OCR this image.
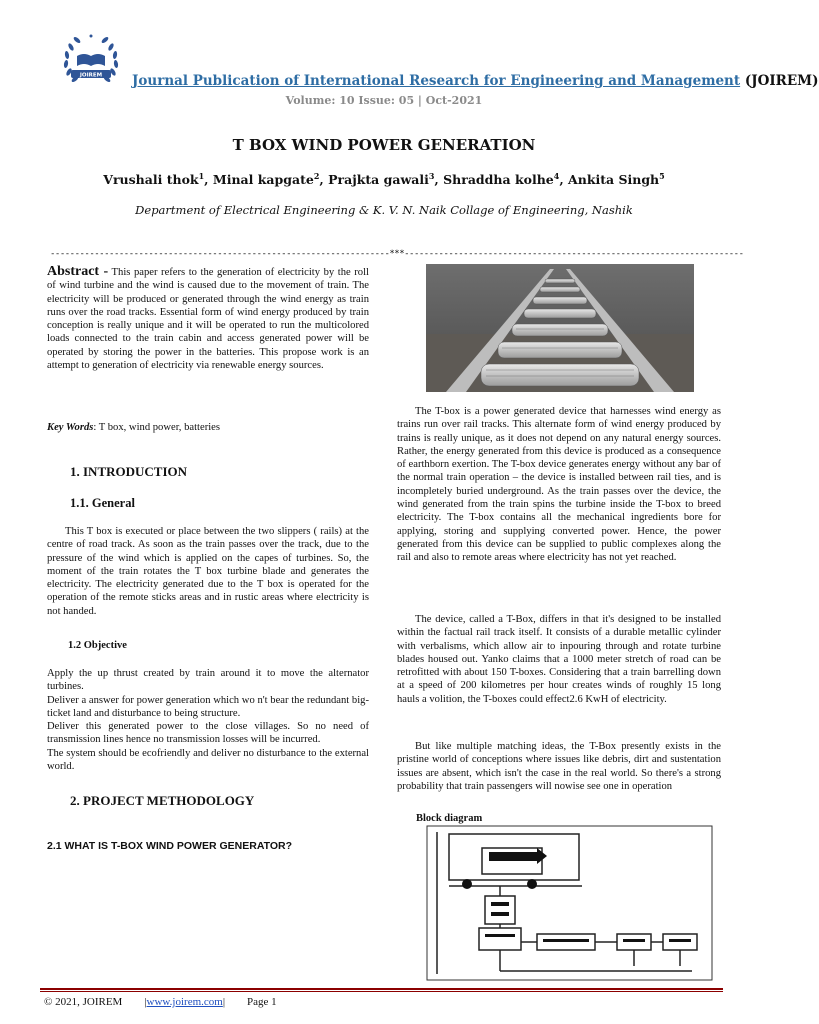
JOIREM Journal Publication of International Research for Engineering and Management (JOIREM)
Volume: 10 Issue: 05 | Oct-2021
T BOX WIND POWER GENERATION
Vrushali thok$^1$, Minal kapgate$^2$, Prajkta gawali$^3$, Shraddha kolhe$^4$, Ankita Singh$^5$
Department of Electrical Engineering & K. V. N. Naik Collage of Engineering, Nashik
---------------------------------------------------------------------***---------------------------------------------------------------------

Abstract - This paper refers to the generation of electricity by the roll of wind turbine and the wind is caused due to the movement of train. The electricity will be produced or generated through the wind energy as train runs over the road tracks. Essential form of wind energy produced by train conception is really unique and it will be operated to run the multicolored loads connected to the train cabin and access generated power will be operated by storing the power in the batteries. This propose work is an attempt to generation of electricity via renewable energy sources.

Key Words: T box, wind power, batteries

1. INTRODUCTION
1.1. General

This T box is executed or place between the two slippers ( rails) at the centre of road track. As soon as the train passes over the track, due to the pressure of the wind which is applied on the capes of turbines. So, the moment of the train rotates the T box turbine blade and generates the electricity. The electricity generated due to the T box is operated for the operation of the remote sticks areas and in rustic areas where electricity is not handed.

1.2 Objective

Apply the up thrust created by train around it to move the alternator turbines.

Deliver a answer for power generation which wo n't bear the redundant big- ticket land and disturbance to being structure.

Deliver this generated power to the close villages. So no need of transmission lines hence no transmission losses will be incurred.

The system should be ecofriendly and deliver no disturbance to the external world.

2. PROJECT METHODOLOGY
2.1 WHAT IS T-BOX WIND POWER GENERATOR?

The T-box is a power generated device that harnesses wind energy as trains run over rail tracks. This alternate form of wind energy produced by trains is really unique, as it does not depend on any natural energy sources. Rather, the energy generated from this device is produced as a consequence of earthborn exertion. The T-box device generates energy without any bar of the normal train operation – the device is installed between rail ties, and is incompletely buried underground. As the train passes over the device, the wind generated from the train spins the turbine inside the T-box to breed electricity. The T-box contains all the mechanical ingredients bore for applying, storing and supplying converted power. Hence, the power generated from this device can be supplied to public complexes along the rail and also to remote areas where electricity has not yet reached.

The device, called a T-Box, differs in that it's designed to be installed within the factual rail track itself. It consists of a durable metallic cylinder with verbalisms, which allow air to inpouring through and rotate turbine blades housed out. Yanko claims that a 1000 meter stretch of road can be retrofitted with about 150 T-boxes. Considering that a train barrelling down at a speed of 200 kilometres per hour creates winds of roughly 15 long hauls a volition, the T-boxes could effect2.6 KwH of electricity.

But like multiple matching ideas, the T-Box presently exists in the pristine world of conceptions where issues like debris, dirt and sustentation issues are absent, which isn't the case in the real world. So there's a strong probability that train passengers will nowise see one in operation

Block diagram
© 2021, JOIREM        |www.joirem.com|        Page 1
